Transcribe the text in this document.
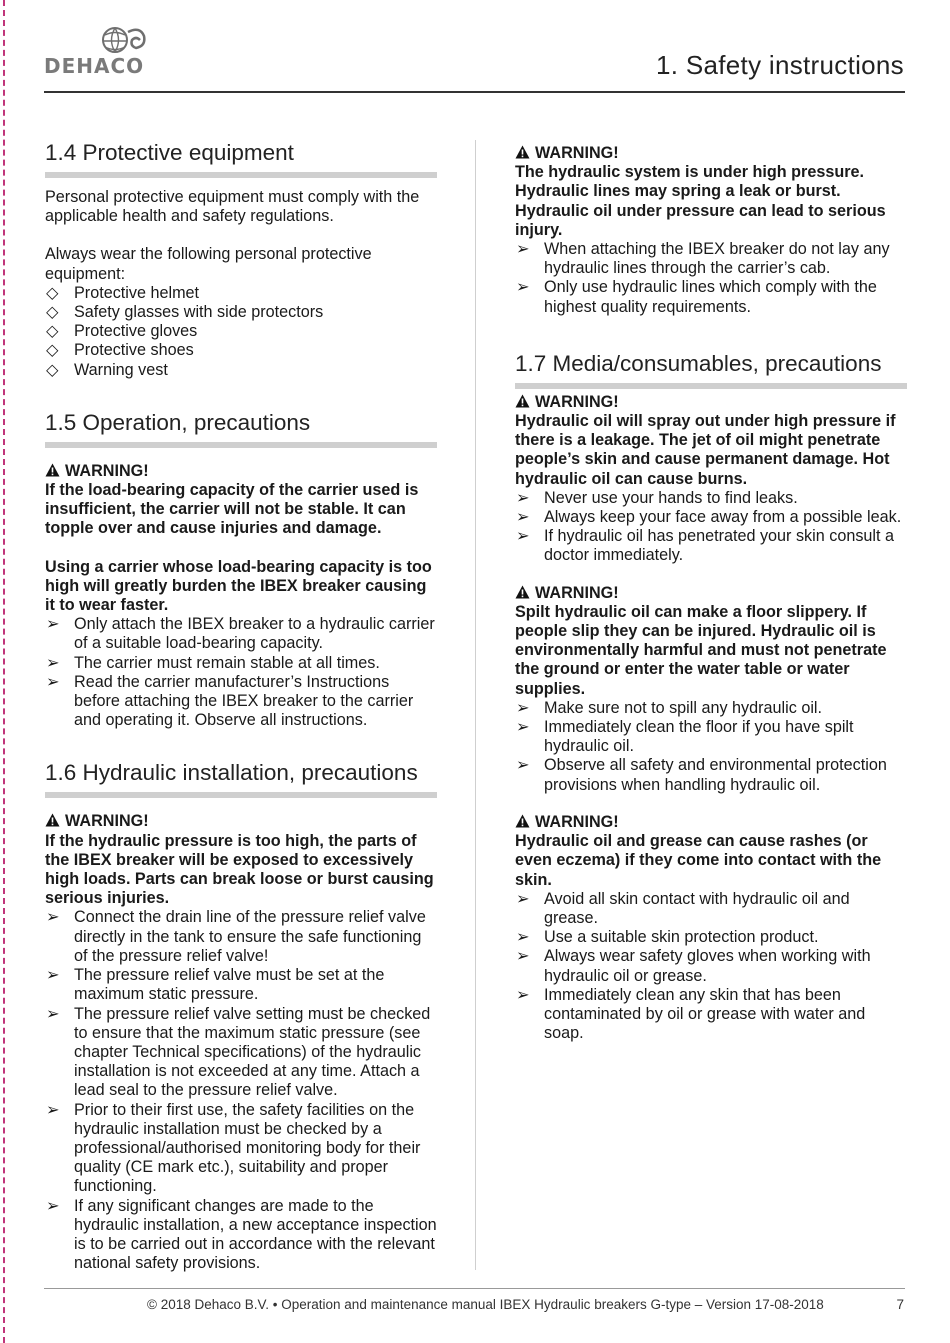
DEHACO	1. Safety instructions
1.4 Protective equipment

Personal protective equipment must comply with the applicable health and safety regulations.

Always wear the following personal protective equipment:

◇ Protective helmet
◇ Safety glasses with side protectors
◇ Protective gloves
◇ Protective shoes
◇ Warning vest
1.5 Operation, precautions
WARNING!

If the load-bearing capacity of the carrier used is insufficient, the carrier will not be stable. It can topple over and cause injuries and damage.

Using a carrier whose load-bearing capacity is too high will greatly burden the IBEX breaker causing it to wear faster.

➢ Only attach the IBEX breaker to a hydraulic carrier of a suitable load-bearing capacity.
➢ The carrier must remain stable at all times.
➢ Read the carrier manufacturer’s Instructions before attaching the IBEX breaker to the carrier and operating it. Observe all instructions.
1.6 Hydraulic installation, precautions
WARNING!

If the hydraulic pressure is too high, the parts of the IBEX breaker will be exposed to excessively high loads. Parts can break loose or burst causing serious injuries.

➢ Connect the drain line of the pressure relief valve directly in the tank to ensure the safe functioning of the pressure relief valve!
➢ The pressure relief valve must be set at the maximum static pressure.
➢ The pressure relief valve setting must be checked to ensure that the maximum static pressure (see chapter Technical specifications) of the hydraulic installation is not exceeded at any time. Attach a lead seal to the pressure relief valve.
➢ Prior to their first use, the safety facilities on the hydraulic installation must be checked by a professional/authorised monitoring body for their quality (CE mark etc.), suitability and proper functioning.
➢ If any significant changes are made to the hydraulic installation, a new acceptance inspection is to be carried out in accordance with the relevant national safety provisions.
WARNING!

The hydraulic system is under high pressure. Hydraulic lines may spring a leak or burst. Hydraulic oil under pressure can lead to serious injury.

➢ When attaching the IBEX breaker do not lay any hydraulic lines through the carrier’s cab.
➢ Only use hydraulic lines which comply with the highest quality requirements.
1.7 Media/consumables, precautions
WARNING!

Hydraulic oil will spray out under high pressure if there is a leakage. The jet of oil might penetrate people’s skin and cause permanent damage. Hot hydraulic oil can cause burns.

➢ Never use your hands to find leaks.
➢ Always keep your face away from a possible leak.
➢ If hydraulic oil has penetrated your skin consult a doctor immediately.
WARNING!

Spilt hydraulic oil can make a floor slippery. If people slip they can be injured. Hydraulic oil is environmentally harmful and must not penetrate the ground or enter the water table or water supplies.

➢ Make sure not to spill any hydraulic oil.
➢ Immediately clean the floor if you have spilt hydraulic oil.
➢ Observe all safety and environmental protection provisions when handling hydraulic oil.
WARNING!

Hydraulic oil and grease can cause rashes (or even eczema) if they come into contact with the skin.

➢ Avoid all skin contact with hydraulic oil and grease.
➢ Use a suitable skin protection product.
➢ Always wear safety gloves when working with hydraulic oil or grease.
➢ Immediately clean any skin that has been contaminated by oil or grease with water and soap.
© 2018 Dehaco B.V. • Operation and maintenance manual IBEX Hydraulic breakers G-type – Version 17-08-2018	7
